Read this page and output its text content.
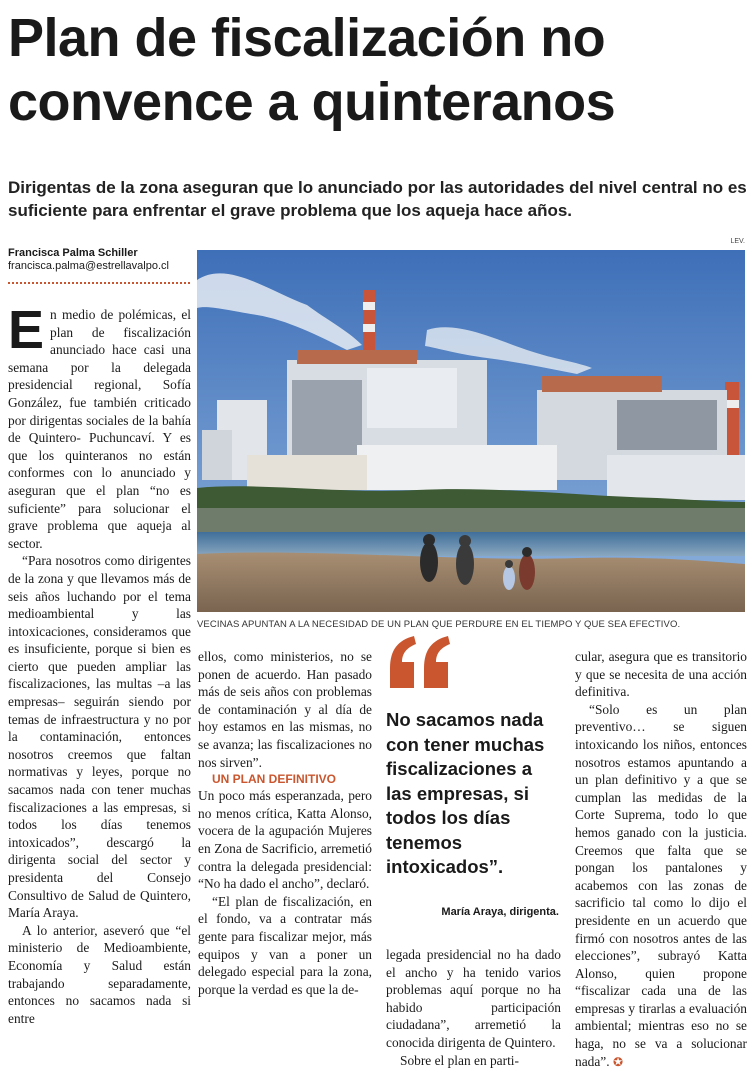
Plan de fiscalización no convence a quinteranos

Dirigentas de la zona aseguran que lo anunciado por las autoridades del nivel central no es suficiente para enfrentar el grave problema que los aqueja hace años.

Francisca Palma Schiller
francisca.palma@estrellavalpo.cl
LEV.
VECINAS APUNTAN A LA NECESIDAD DE UN PLAN QUE PERDURE EN EL TIEMPO Y QUE SEA EFECTIVO.
E n medio de polémicas, el plan de fiscalización anunciado hace casi una semana por la delegada presidencial regional, Sofía González, fue también criticado por dirigentas sociales de la bahía de Quintero- Puchuncaví. Y es que los quinteranos no están conformes con lo anunciado y aseguran que el plan “no es suficiente” para solucionar el grave problema que aqueja al sector.

“Para nosotros como dirigentes de la zona y que llevamos más de seis años luchando por el tema medioambiental y las intoxicaciones, consideramos que es insuficiente, porque si bien es cierto que pueden ampliar las fiscalizaciones, las multas –a las empresas– seguirán siendo por temas de infraestructura y no por la contaminación, entonces nosotros creemos que faltan normativas y leyes, porque no sacamos nada con tener muchas fiscalizaciones a las empresas, si todos los días tenemos intoxicados”, descargó la dirigenta social del sector y presidenta del Consejo Consultivo de Salud de Quintero, María Araya.

A lo anterior, aseveró que “el ministerio de Medioambiente, Economía y Salud están trabajando separadamente, entonces no sacamos nada si entre

ellos, como ministerios, no se ponen de acuerdo. Han pasado más de seis años con problemas de contaminación y al día de hoy estamos en las mismas, no se avanza; las fiscalizaciones no nos sirven”.

UN PLAN DEFINITIVO

Un poco más esperanzada, pero no menos crítica, Katta Alonso, vocera de la agupación Mujeres en Zona de Sacrificio, arremetió contra la delegada presidencial: “No ha dado el ancho”, declaró.

“El plan de fiscalización, en el fondo, va a contratar más gente para fiscalizar mejor, más equipos y van a poner un delegado especial para la zona, porque la verdad es que la de-

No sacamos nada con tener muchas fiscalizaciones a las empresas, si todos los días tenemos intoxicados”.

María Araya, dirigenta.

legada presidencial no ha dado el ancho y ha tenido varios problemas aquí porque no ha habido participación ciudadana”, arremetió la conocida dirigenta de Quintero.

Sobre el plan en parti-

cular, asegura que es transitorio y que se necesita de una acción definitiva.

“Solo es un plan preventivo… se siguen intoxicando los niños, entonces nosotros estamos apuntando a un plan definitivo y a que se cumplan las medidas de la Corte Suprema, todo lo que hemos ganado con la justicia. Creemos que falta que se pongan los pantalones y acabemos con las zonas de sacrificio tal como lo dijo el presidente en un acuerdo que firmó con nosotros antes de las elecciones”, subrayó Katta Alonso, quien propone “fiscalizar cada una de las empresas y tirarlas a evaluación ambiental; mientras eso no se haga, no se va a solucionar nada”. ✪
